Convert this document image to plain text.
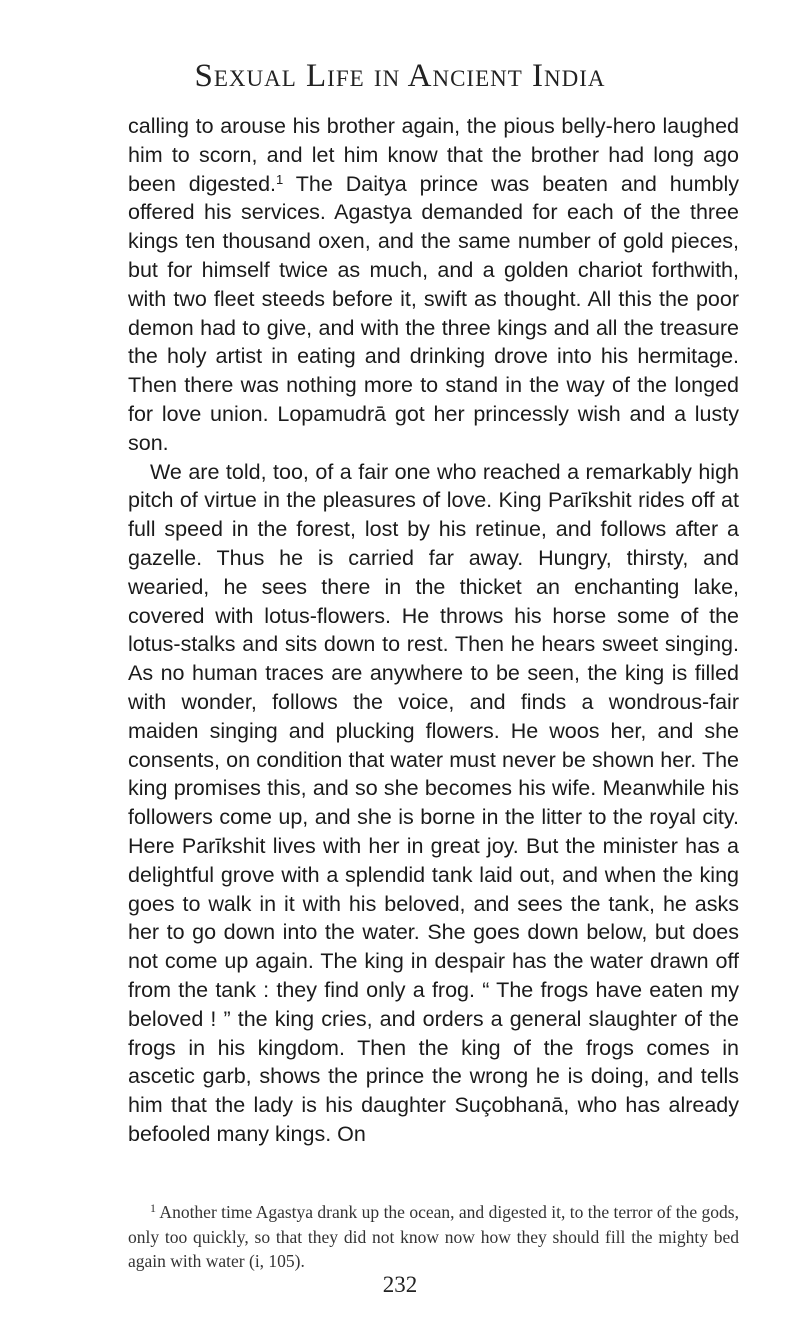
Sexual Life in Ancient India

calling to arouse his brother again, the pious belly-hero laughed him to scorn, and let him know that the brother had long ago been digested.$^1$ The Daitya prince was beaten and humbly offered his services. Agastya demanded for each of the three kings ten thousand oxen, and the same number of gold pieces, but for himself twice as much, and a golden chariot forthwith, with two fleet steeds before it, swift as thought. All this the poor demon had to give, and with the three kings and all the treasure the holy artist in eating and drinking drove into his hermitage. Then there was nothing more to stand in the way of the longed for love union. Lopamudrā got her princessly wish and a lusty son.

We are told, too, of a fair one who reached a remarkably high pitch of virtue in the pleasures of love. King Parīkshit rides off at full speed in the forest, lost by his retinue, and follows after a gazelle. Thus he is carried far away. Hungry, thirsty, and wearied, he sees there in the thicket an enchanting lake, covered with lotus-flowers. He throws his horse some of the lotus-stalks and sits down to rest. Then he hears sweet singing. As no human traces are anywhere to be seen, the king is filled with wonder, follows the voice, and finds a wondrous-fair maiden singing and plucking flowers. He woos her, and she consents, on condition that water must never be shown her. The king promises this, and so she becomes his wife. Meanwhile his followers come up, and she is borne in the litter to the royal city. Here Parīkshit lives with her in great joy. But the minister has a delightful grove with a splendid tank laid out, and when the king goes to walk in it with his beloved, and sees the tank, he asks her to go down into the water. She goes down below, but does not come up again. The king in despair has the water drawn off from the tank : they find only a frog. “ The frogs have eaten my beloved ! ” the king cries, and orders a general slaughter of the frogs in his kingdom. Then the king of the frogs comes in ascetic garb, shows the prince the wrong he is doing, and tells him that the lady is his daughter Suçobhanā, who has already befooled many kings. On

$^1$ Another time Agastya drank up the ocean, and digested it, to the terror of the gods, only too quickly, so that they did not know now how they should fill the mighty bed again with water (i, 105).
232
